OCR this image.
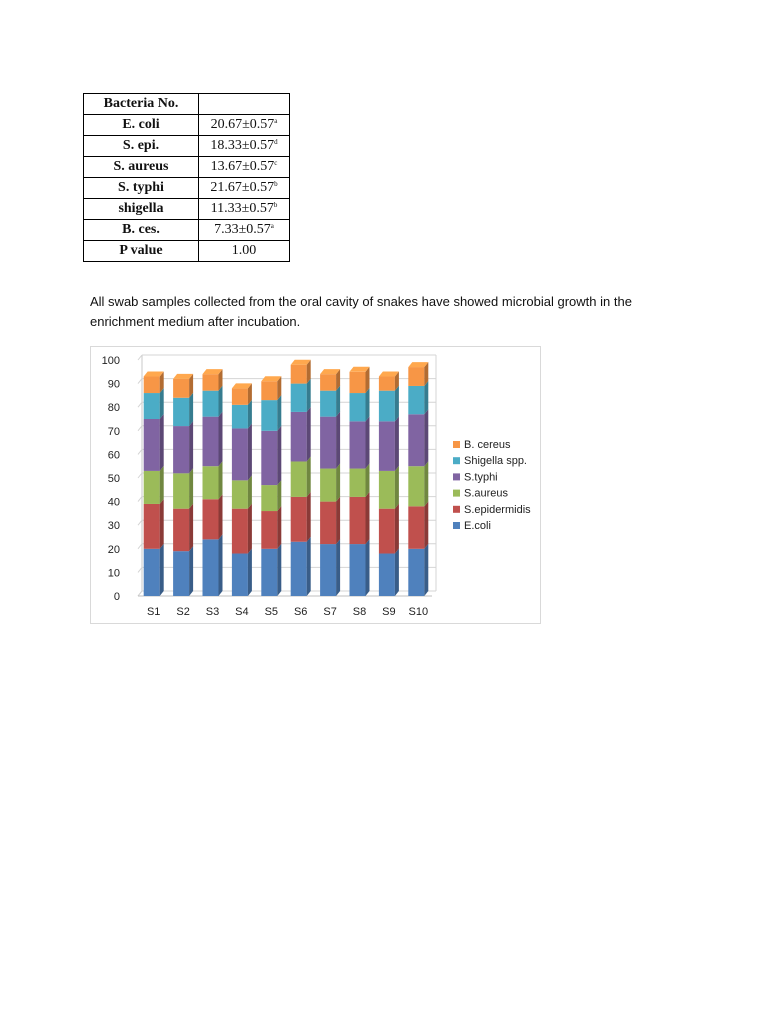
Bacteria No.	
E. coli	20.67±0.57$^a$
S. epi.	18.33±0.57$^d$
S. aureus	13.67±0.57$^c$
S. typhi	21.67±0.57$^b$
shigella	11.33±0.57$^b$
B. ces.	7.33±0.57$^a$
P value	1.00

All swab samples collected from the oral cavity of snakes have showed microbial growth in the enrichment medium after incubation.

0
10
20
30
40
50
60
70
80
90
100
S1 S2 S3 S4 S5 S6 S7 S8 S9 S10
B. cereus
Shigella spp.
S.typhi
S.aureus
S.epidermidis
E.coli
